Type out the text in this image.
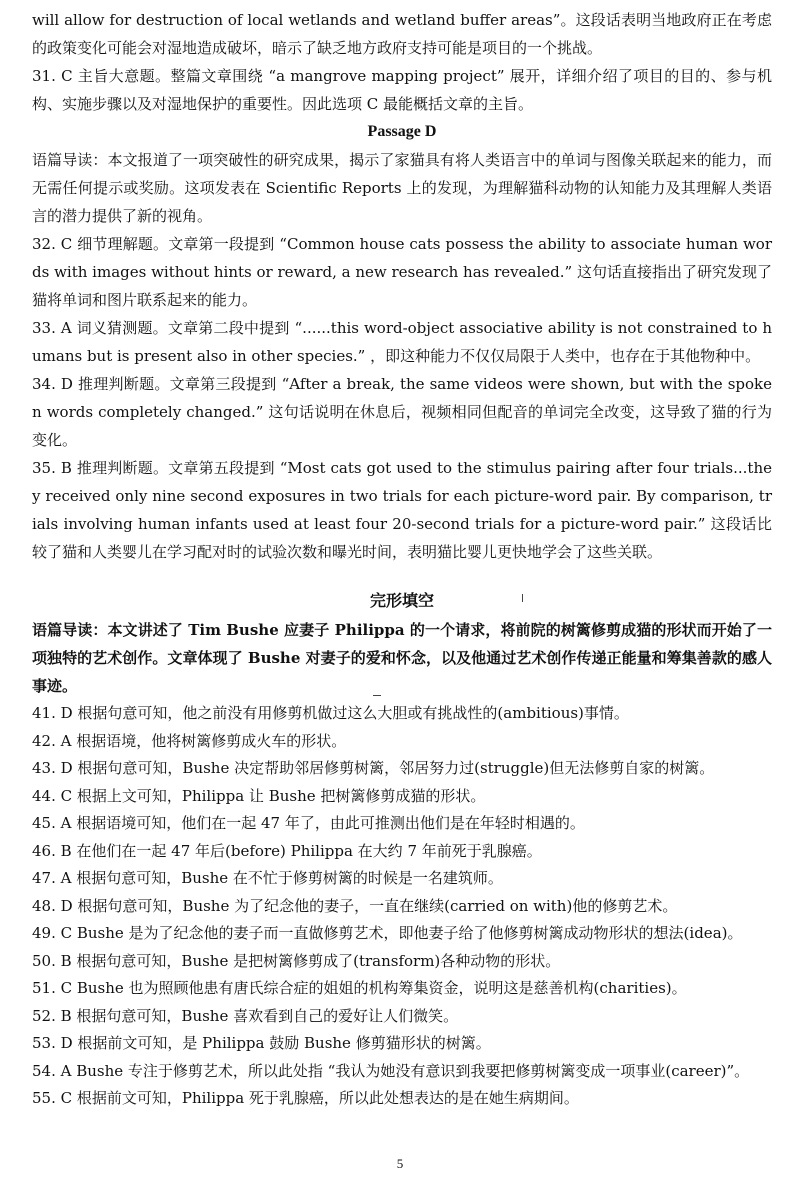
will allow for destruction of local wetlands and wetland buffer areas”。这段话表明当地政府正在考虑的政策变化可能会对湿地造成破坏，暗示了缺乏地方政府支持可能是项目的一个挑战。

31. C 主旨大意题。整篇文章围绕 “a mangrove mapping project” 展开，详细介绍了项目的目的、参与机构、实施步骤以及对湿地保护的重要性。因此选项 C 最能概括文章的主旨。

Passage D

语篇导读：本文报道了一项突破性的研究成果，揭示了家猫具有将人类语言中的单词与图像关联起来的能力，而无需任何提示或奖励。这项发表在 Scientific Reports 上的发现，为理解猫科动物的认知能力及其理解人类语言的潜力提供了新的视角。

32. C 细节理解题。文章第一段提到 “Common house cats possess the ability to associate human words with images without hints or reward, a new research has revealed.” 这句话直接指出了研究发现了猫将单词和图片联系起来的能力。

33. A 词义猜测题。文章第二段中提到 “......this word-object associative ability is not constrained to humans but is present also in other species.” ，即这种能力不仅仅局限于人类中，也存在于其他物种中。

34. D 推理判断题。文章第三段提到 “After a break, the same videos were shown, but with the spoken words completely changed.” 这句话说明在休息后，视频相同但配音的单词完全改变，这导致了猫的行为变化。

35. B 推理判断题。文章第五段提到 “Most cats got used to the stimulus pairing after four trials...they received only nine second exposures in two trials for each picture-word pair. By comparison, trials involving human infants used at least four 20-second trials for a picture-word pair.” 这段话比较了猫和人类婴儿在学习配对时的试验次数和曝光时间，表明猫比婴儿更快地学会了这些关联。

完形填空

语篇导读：本文讲述了 Tim Bushe 应妻子 Philippa 的一个请求，将前院的树篱修剪成猫的形状而开始了一项独特的艺术创作。文章体现了 Bushe 对妻子的爱和怀念，以及他通过艺术创作传递正能量和筹集善款的感人事迹。

41. D 根据句意可知，他之前没有用修剪机做过这么大胆或有挑战性的(ambitious)事情。

42. A 根据语境，他将树篱修剪成火车的形状。

43. D 根据句意可知，Bushe 决定帮助邻居修剪树篱，邻居努力过(struggle)但无法修剪自家的树篱。

44. C 根据上文可知，Philippa 让 Bushe 把树篱修剪成猫的形状。

45. A 根据语境可知，他们在一起 47 年了，由此可推测出他们是在年轻时相遇的。

46. B 在他们在一起 47 年后(before) Philippa 在大约 7 年前死于乳腺癌。

47. A 根据句意可知，Bushe 在不忙于修剪树篱的时候是一名建筑师。

48. D 根据句意可知，Bushe 为了纪念他的妻子，一直在继续(carried on with)他的修剪艺术。

49. C Bushe 是为了纪念他的妻子而一直做修剪艺术，即他妻子给了他修剪树篱成动物形状的想法(idea)。

50. B 根据句意可知，Bushe 是把树篱修剪成了(transform)各种动物的形状。

51. C Bushe 也为照顾他患有唐氏综合症的姐姐的机构筹集资金，说明这是慈善机构(charities)。

52. B 根据句意可知，Bushe 喜欢看到自己的爱好让人们微笑。

53. D 根据前文可知，是 Philippa 鼓励 Bushe 修剪猫形状的树篱。

54. A Bushe 专注于修剪艺术，所以此处指 “我认为她没有意识到我要把修剪树篱变成一项事业(career)”。

55. C 根据前文可知，Philippa 死于乳腺癌，所以此处想表达的是在她生病期间。

5
